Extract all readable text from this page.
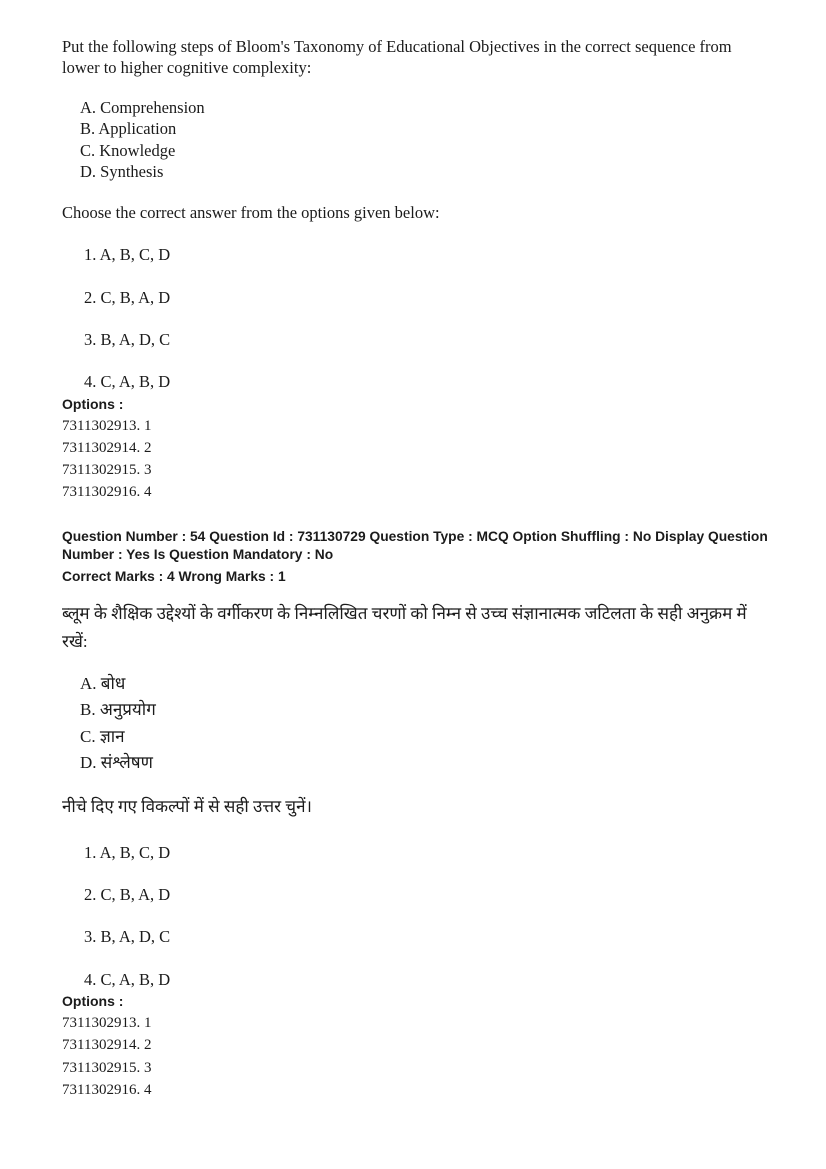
Put the following steps of Bloom's Taxonomy of Educational Objectives in the correct sequence from lower to higher cognitive complexity:

A. Comprehension
B. Application
C. Knowledge
D. Synthesis

Choose the correct answer from the options given below:

1. A, B, C, D
2. C, B, A, D
3. B, A, D, C
4. C, A, B, D

Options :

7311302913. 1
7311302914. 2
7311302915. 3
7311302916. 4

Question Number : 54 Question Id : 731130729 Question Type : MCQ Option Shuffling : No Display Question Number : Yes Is Question Mandatory : No

Correct Marks : 4 Wrong Marks : 1

ब्लूम के शैक्षिक उद्देश्यों के वर्गीकरण के निम्नलिखित चरणों को निम्न से उच्च संज्ञानात्मक जटिलता के सही अनुक्रम में रखें:

A. बोध
B. अनुप्रयोग
C. ज्ञान
D. संश्लेषण

नीचे दिए गए विकल्पों में से सही उत्तर चुनें।

1. A, B, C, D
2. C, B, A, D
3. B, A, D, C
4. C, A, B, D

Options :

7311302913. 1
7311302914. 2
7311302915. 3
7311302916. 4
